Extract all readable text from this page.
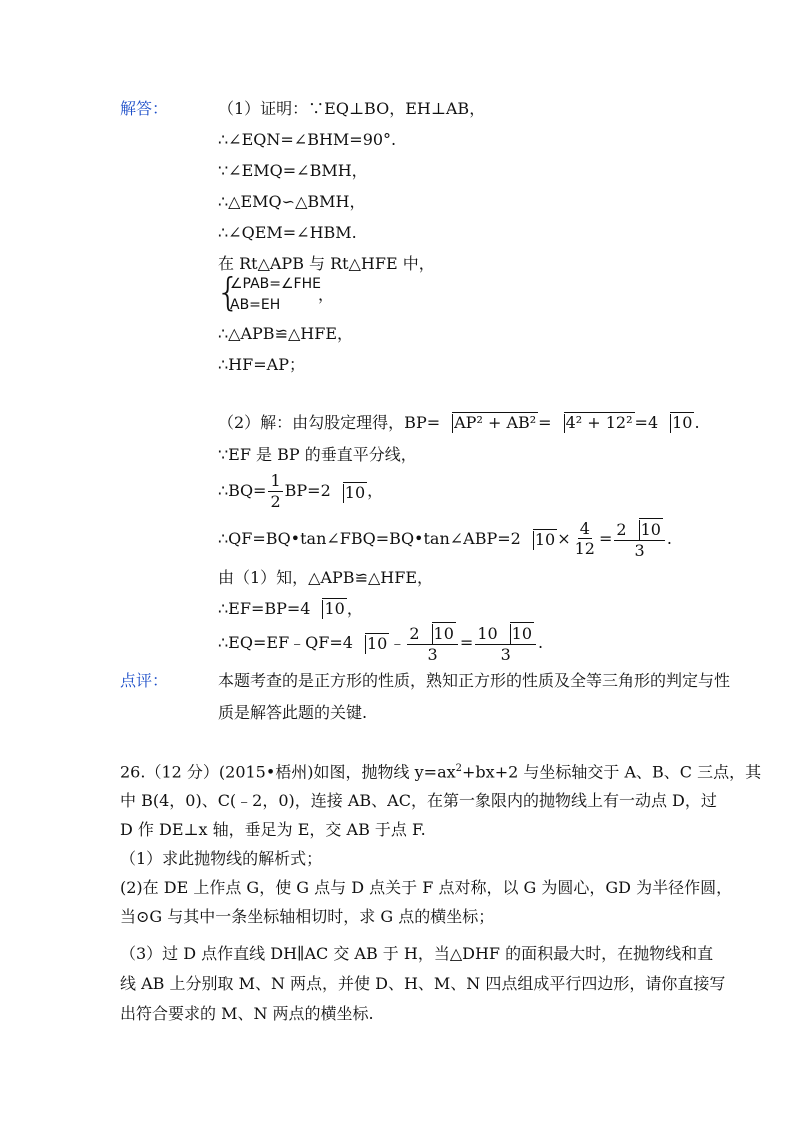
解答：	（1）证明：∵EQ⊥BO，EH⊥AB，
∴∠EQN=∠BHM=90°.
∵∠EMQ=∠BMH，
∴△EMQ∽△BMH，
∴∠QEM=∠HBM.
在 Rt△APB 与 Rt△HFE 中，
{
∠PAB=∠FHE
AB=EH
，
∴△APB≌△HFE，
∴HF=AP；
（2）解：由勾股定理得，BP= AP² + AB² = 4² + 12² =4 10 .
∵EF 是 BP 的垂直平分线，
∴BQ= $\frac{1}{2} BP=2$ 10 ，
∴QF=BQ•tan∠FBQ=BQ•tan∠ABP=2 $10 \times \frac{4}{12} = \frac{2 10}{3}$ .
由（1）知，△APB≌△HFE，
∴EF=BP=4 10 ，
∴EQ=EF﹣QF=4 10 ﹣ $\frac{2 10}{3} = \frac{10 10}{3}$ .
点评：	本题考查的是正方形的性质，熟知正方形的性质及全等三角形的判定与性
质是解答此题的关键.
26.（12 分）(2015•梧州)如图，抛物线 $y=ax^2+bx+2$ 与坐标轴交于 A、B、C 三点，其
中 B(4，0)、C(﹣2，0)，连接 AB、AC，在第一象限内的抛物线上有一动点 D，过
D 作 DE⊥x 轴，垂足为 E，交 AB 于点 F.
（1）求此抛物线的解析式；
(2)在 DE 上作点 G，使 G 点与 D 点关于 F 点对称，以 G 为圆心，GD 为半径作圆，
当⊙G 与其中一条坐标轴相切时，求 G 点的横坐标；
（3）过 D 点作直线 DH∥AC 交 AB 于 H，当△DHF 的面积最大时，在抛物线和直
线 AB 上分别取 M、N 两点，并使 D、H、M、N 四点组成平行四边形，请你直接写
出符合要求的 M、N 两点的横坐标.
